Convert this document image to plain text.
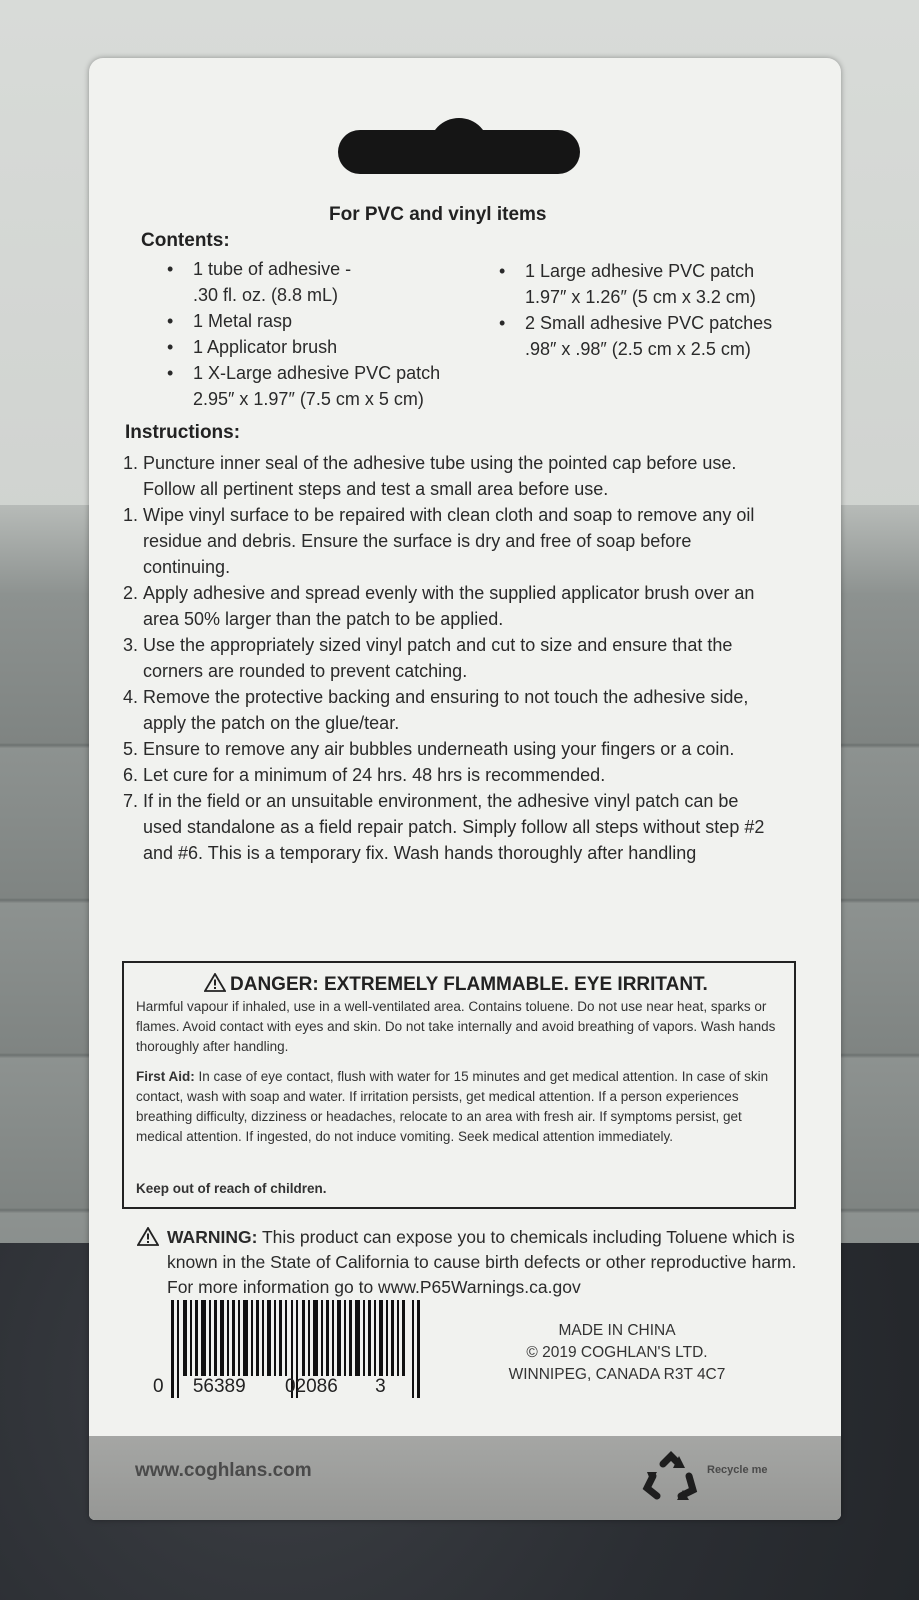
For PVC and vinyl items
Contents:
• 1 tube of adhesive -
.30 fl. oz. (8.8 mL)
• 1 Metal rasp
• 1 Applicator brush
• 1 X-Large adhesive PVC patch
2.95″ x 1.97″ (7.5 cm x 5 cm)
• 1 Large adhesive PVC patch
1.97″ x 1.26″ (5 cm x 3.2 cm)
• 2 Small adhesive PVC patches
.98″ x .98″ (2.5 cm x 2.5 cm)
Instructions:
1. Puncture inner seal of the adhesive tube using the pointed cap before use. Follow all pertinent steps and test a small area before use.
1. Wipe vinyl surface to be repaired with clean cloth and soap to remove any oil residue and debris. Ensure the surface is dry and free of soap before continuing.
2. Apply adhesive and spread evenly with the supplied applicator brush over an area 50% larger than the patch to be applied.
3. Use the appropriately sized vinyl patch and cut to size and ensure that the corners are rounded to prevent catching.
4. Remove the protective backing and ensuring to not touch the adhesive side, apply the patch on the glue/tear.
5. Ensure to remove any air bubbles underneath using your fingers or a coin.
6. Let cure for a minimum of 24 hrs. 48 hrs is recommended.
7. If in the field or an unsuitable environment, the adhesive vinyl patch can be used standalone as a field repair patch. Simply follow all steps without step #2 and #6. This is a temporary fix. Wash hands thoroughly after handling
DANGER: EXTREMELY FLAMMABLE. EYE IRRITANT.

Harmful vapour if inhaled, use in a well-ventilated area. Contains toluene. Do not use near heat, sparks or flames. Avoid contact with eyes and skin. Do not take internally and avoid breathing of vapors. Wash hands thoroughly after handling.

First Aid: In case of eye contact, flush with water for 15 minutes and get medical attention. In case of skin contact, wash with soap and water. If irritation persists, get medical attention. If a person experiences breathing difficulty, dizziness or headaches, relocate to an area with fresh air. If symptoms persist, get medical attention. If ingested, do not induce vomiting. Seek medical attention immediately.

Keep out of reach of children.

WARNING: This product can expose you to chemicals including Toluene which is known in the State of California to cause birth defects or other reproductive harm. For more information go to www.P65Warnings.ca.gov
0 56389 02086 3
MADE IN CHINA
© 2019 COGHLAN'S LTD.
WINNIPEG, CANADA R3T 4C7
www.coghlans.com	Recycle me
